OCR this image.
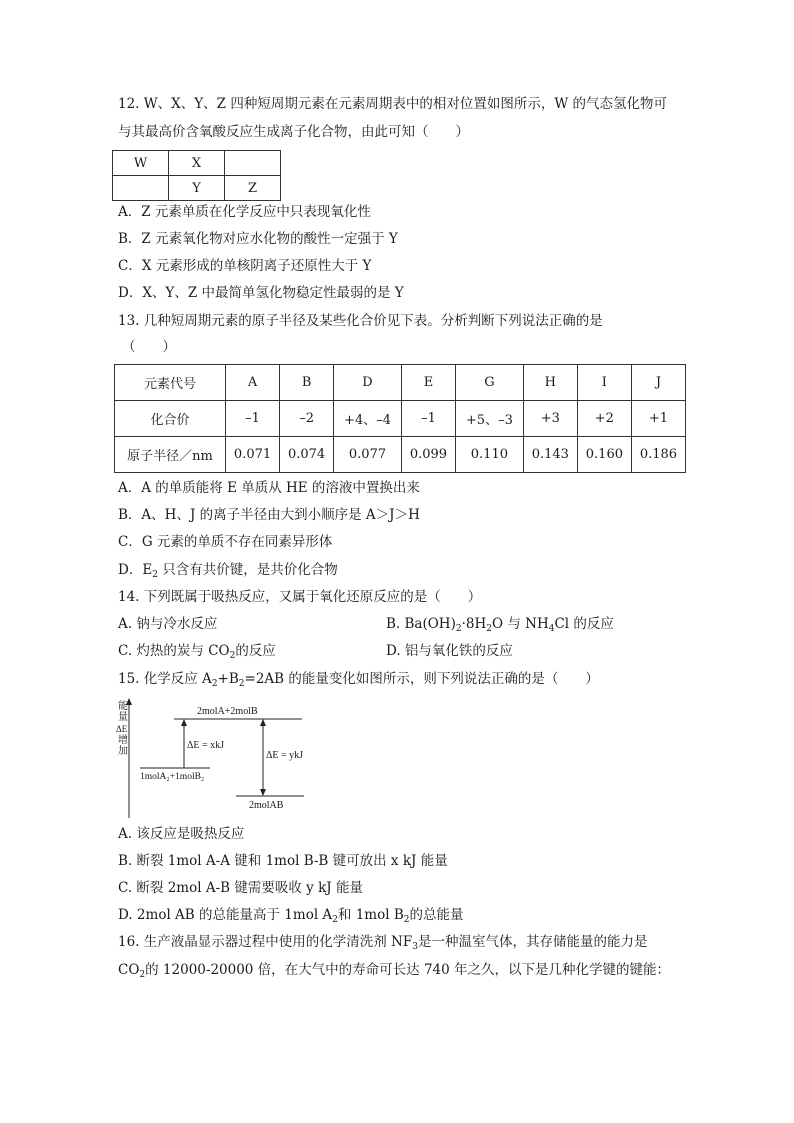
12. W、X、Y、Z 四种短周期元素在元素周期表中的相对位置如图所示，W 的气态氢化物可
与其最高价含氧酸反应生成离子化合物，由此可知（　　）
W	X	
	Y	Z
A．Z 元素单质在化学反应中只表现氧化性
B．Z 元素氧化物对应水化物的酸性一定强于 Y
C．X 元素形成的单核阴离子还原性大于 Y
D．X、Y、Z 中最简单氢化物稳定性最弱的是 Y
13. 几种短周期元素的原子半径及某些化合价见下表。分析判断下列说法正确的是
（　　）
元素代号	A	B	D	E	G	H	I	J
化合价	–1	–2	+4、–4	–1	+5、–3	+3	+2	+1
原子半径／nm	0.071	0.074	0.077	0.099	0.110	0.143	0.160	0.186
A．A 的单质能将 E 单质从 HE 的溶液中置换出来
B．A、H、J 的离子半径由大到小顺序是 A＞J＞H
C．G 元素的单质不存在同素异形体
D．$E_2$ 只含有共价键，是共价化合物
14. 下列既属于吸热反应，又属于氧化还原反应的是（　　）
A. 钠与冷水反应	B. $Ba(OH)_2\cdot 8H_2O$ 与 $NH_4Cl$ 的反应
C. 灼热的炭与 $CO_2$的反应	D. 铝与氧化铁的反应
15. 化学反应 $A_2+B_2=2AB$ 的能量变化如图所示，则下列说法正确的是（　　）
能
量
ΔE
增
加
2molA+2molB
1molA₂+1molB₂
2molAB
ΔE = xkJ
ΔE = ykJ
A. 该反应是吸热反应
B. 断裂 1mol A-A 键和 1mol B-B 键可放出 x kJ 能量
C. 断裂 2mol A-B 键需要吸收 y kJ 能量
D. 2mol AB 的总能量高于 1mol $A_2$和 1mol $B_2$的总能量
16. 生产液晶显示器过程中使用的化学清洗剂 $NF_3$是一种温室气体，其存储能量的能力是
$CO_2$的 12000-20000 倍，在大气中的寿命可长达 740 年之久，以下是几种化学键的键能：
